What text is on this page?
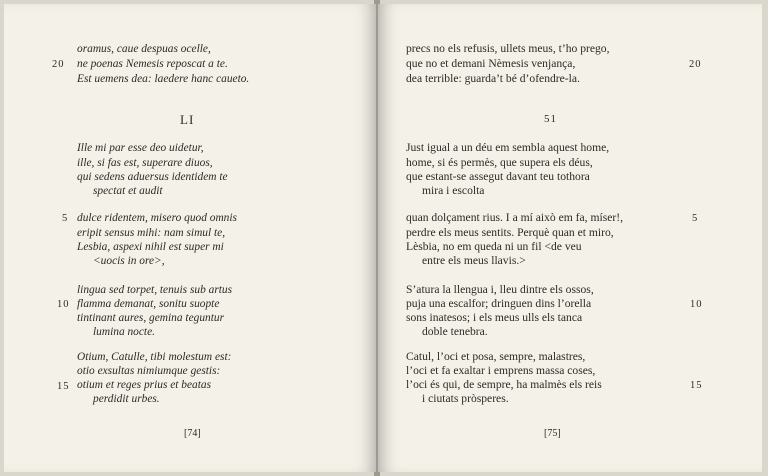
oramus, caue despuas ocelle,
ne poenas Nemesis reposcat a te.
Est uemens dea: laedere hanc caueto.
20
LI
Ille mi par esse deo uidetur,
ille, si fas est, superare diuos,
qui sedens aduersus identidem te
spectat et audit
5 dulce ridentem, misero quod omnis
eripit sensus mihi: nam simul te,
Lesbia, aspexi nihil est super mi
<uocis in ore>,
lingua sed torpet, tenuis sub artus
10 flamma demanat, sonitu suopte
tintinant aures, gemina teguntur
lumina nocte.
Otium, Catulle, tibi molestum est:
otio exsultas nimiumque gestis:
15 otium et reges prius et beatas
perdidit urbes.
[74]
precs no els refusis, ullets meus, t’ho prego,
que no et demani Nèmesis venjança,
dea terrible: guarda’t bé d’ofendre-la.
20
51
Just igual a un déu em sembla aquest home,
home, si és permès, que supera els déus,
que estant-se assegut davant teu tothora
mira i escolta
quan dolçament rius. I a mí això em fa, míser!,	5
perdre els meus sentits. Perquè quan et miro,
Lèsbia, no em queda ni un fil <de veu
entre els meus llavis.>
S’atura la llengua i, lleu dintre els ossos,
puja una escalfor; dringuen dins l’orella	10
sons inatesos; i els meus ulls els tanca
doble tenebra.
Catul, l’oci et posa, sempre, malastres,
l’oci et fa exaltar i emprens massa coses,
l’oci és qui, de sempre, ha malmès els reis	15
i ciutats pròsperes.
[75]
